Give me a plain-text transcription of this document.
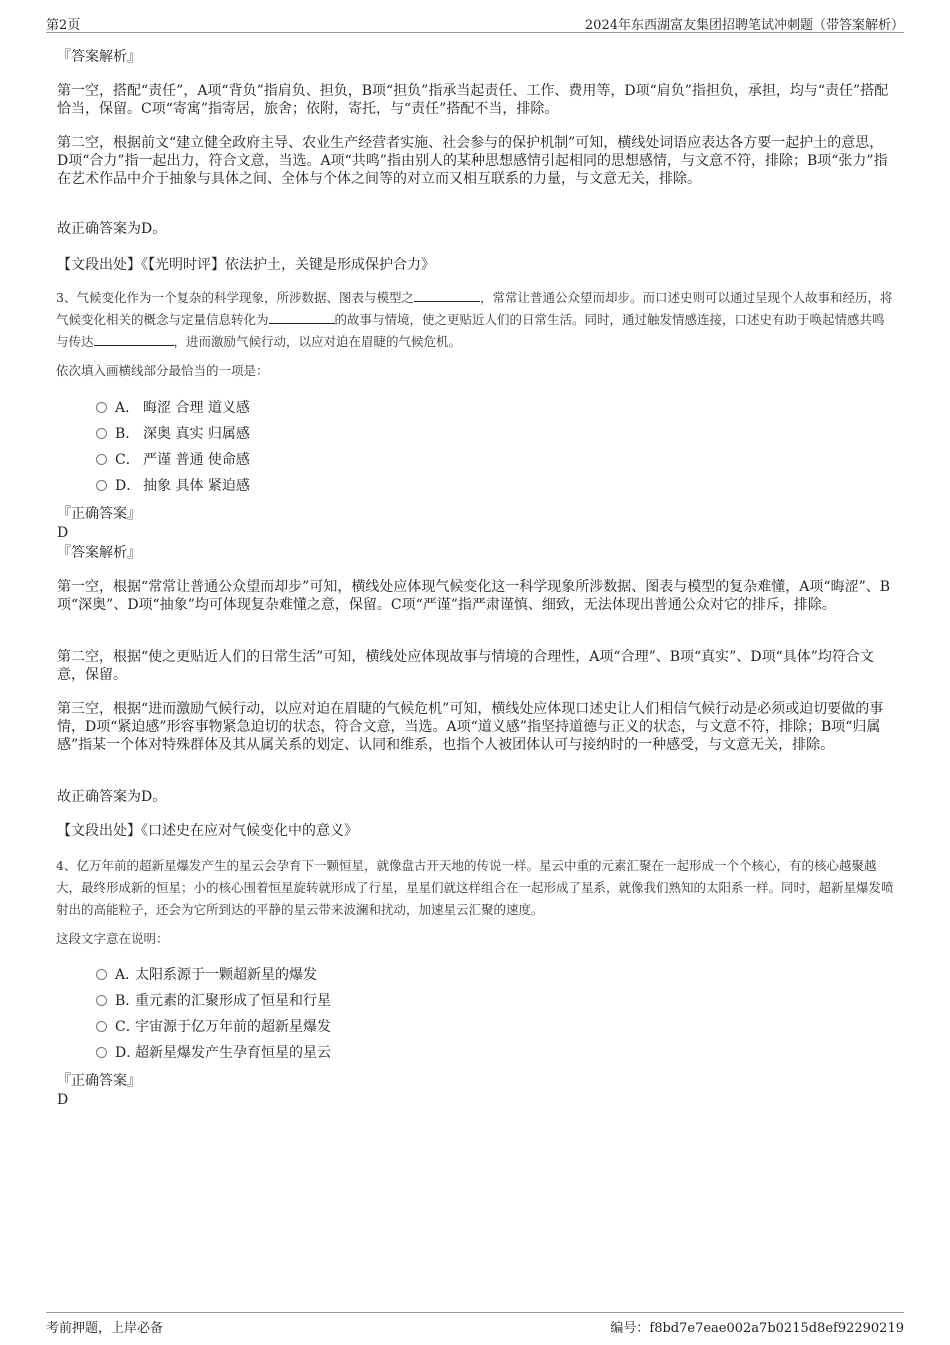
第2页	2024年东西湖富友集团招聘笔试冲刺题（带答案解析）
『答案解析』
第一空，搭配“责任”，A项“背负”指肩负、担负，B项“担负”指承当起责任、工作、费用等，D项“肩负”指担负，承担，均与“责任”搭配恰当，保留。C项“寄寓”指寄居，旅舍；依附，寄托，与“责任”搭配不当，排除。
第二空，根据前文“建立健全政府主导、农业生产经营者实施、社会参与的保护机制”可知，横线处词语应表达各方要一起护土的意思，D项“合力”指一起出力，符合文意，当选。A项“共鸣”指由别人的某种思想感情引起相同的思想感情，与文意不符，排除；B项“张力”指在艺术作品中介于抽象与具体之间、全体与个体之间等的对立而又相互联系的力量，与文意无关，排除。
故正确答案为D。
【文段出处】《【光明时评】依法护土，关键是形成保护合力》
3、气候变化作为一个复杂的科学现象，所涉数据、图表与模型之	，常常让普通公众望而却步。而口述史则可以通过呈现个人故事和经历，将气候变化相关的概念与定量信息转化为	的故事与情境，使之更贴近人们的日常生活。同时，通过触发情感连接，口述史有助于唤起情感共鸣与传达	，进而激励气候行动，以应对迫在眉睫的气候危机。
依次填入画横线部分最恰当的一项是：
A． 晦涩 合理 道义感
B． 深奥 真实 归属感
C． 严谨 普通 使命感
D． 抽象 具体 紧迫感
『正确答案』
D
『答案解析』
第一空，根据“常常让普通公众望而却步”可知，横线处应体现气候变化这一科学现象所涉数据、图表与模型的复杂难懂，A项“晦涩”、B项“深奥”、D项“抽象”均可体现复杂难懂之意，保留。C项“严谨”指严肃谨慎、细致，无法体现出普通公众对它的排斥，排除。
第二空，根据“使之更贴近人们的日常生活”可知，横线处应体现故事与情境的合理性，A项“合理”、B项“真实”、D项“具体”均符合文意，保留。
第三空，根据“进而激励气候行动，以应对迫在眉睫的气候危机”可知，横线处应体现口述史让人们相信气候行动是必须或迫切要做的事情，D项“紧迫感”形容事物紧急迫切的状态，符合文意，当选。A项“道义感”指坚持道德与正义的状态，与文意不符，排除；B项“归属感”指某一个体对特殊群体及其从属关系的划定、认同和维系，也指个人被团体认可与接纳时的一种感受，与文意无关，排除。
故正确答案为D。
【文段出处】《口述史在应对气候变化中的意义》
4、亿万年前的超新星爆发产生的星云会孕育下一颗恒星，就像盘古开天地的传说一样。星云中重的元素汇聚在一起形成一个个核心，有的核心越聚越大，最终形成新的恒星；小的核心围着恒星旋转就形成了行星，星星们就这样组合在一起形成了星系，就像我们熟知的太阳系一样。同时，超新星爆发喷射出的高能粒子，还会为它所到达的平静的星云带来波澜和扰动，加速星云汇聚的速度。
这段文字意在说明：
A．太阳系源于一颗超新星的爆发
B．重元素的汇聚形成了恒星和行星
C．宇宙源于亿万年前的超新星爆发
D．超新星爆发产生孕育恒星的星云
『正确答案』
D
考前押题，上岸必备	编号：f8bd7e7eae002a7b0215d8ef92290219
